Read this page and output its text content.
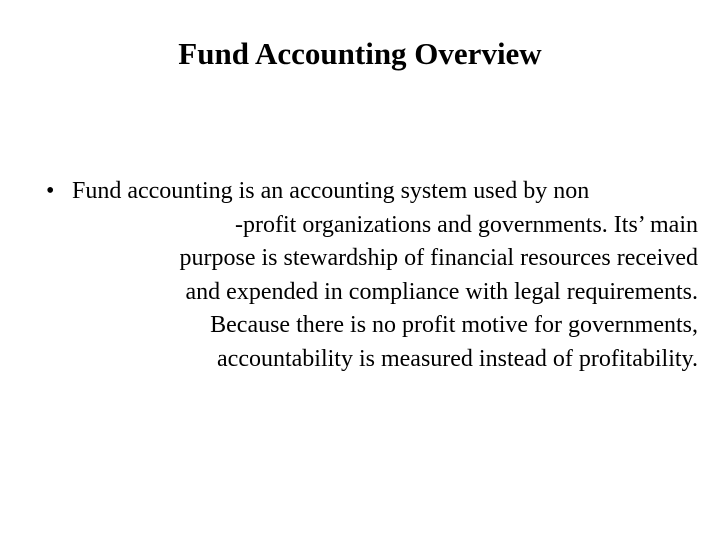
Fund Accounting Overview
• Fund accounting is an accounting system used by non
-profit organizations and governments. Its’ main
purpose is stewardship of financial resources received
and expended in compliance with legal requirements.
Because there is no profit motive for governments,
accountability is measured instead of profitability.
